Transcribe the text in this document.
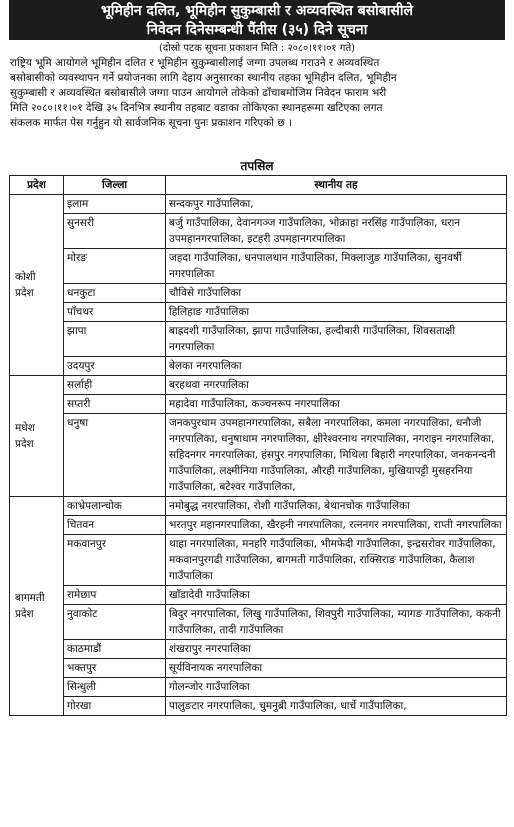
भूमिहीन दलित, भूमिहीन सुकुम्बासी र अव्यवस्थित बसोबासीले
निवेदन दिनेसम्बन्धी पैंतीस (३५) दिने सूचना
(दोस्रो पटक सूचना प्रकाशन मिति : २०८०।११।०१ गते)
राष्ट्रिय भूमि आयोगले भूमिहीन दलित र भूमिहीन सुकुम्बासीलाई जग्गा उपलब्ध गराउने र अव्यवस्थित
बसोबासीको व्यवस्थापन गर्ने प्रयोजनका लागि देहाय अनुसारका स्थानीय तहका भूमिहीन दलित, भूमिहीन
सुकुम्बासी र अव्यवस्थित बसोबासीले जग्गा पाउन आयोगले तोकेको ढाँचाबमोजिम निवेदन फाराम भरी
मिति २०८०।११।०१ देखि ३५ दिनभित्र स्थानीय तहबाट वडाका तोकिएका स्थानहरूमा खटिएका लगत
संकलक मार्फत पेस गर्नुहुन यो सार्वजनिक सूचना पुनः प्रकाशन गरिएको छ ।
तपसिल
प्रदेश	जिल्ला	स्थानीय तह
कोशी
प्रदेश	इलाम	सन्दकपुर गाउँपालिका,
	सुनसरी	बर्जु गाउँपालिका, देवानगञ्ज गाउँपालिका, भोक्राहा नरसिंह गाउँपालिका, धरान उपमहानगरपालिका, इटहरी उपमहानगरपालिका
	मोरङ	जहदा गाउँपालिका, धनपालथान गाउँपालिका, मिक्लाजुङ गाउँपालिका, सुनवर्षी नगरपालिका
	धनकुटा	चौविसे गाउँपालिका
	पाँचथर	हिलिहाङ गाउँपालिका
	झापा	बाह्रदशी गाउँपालिका, झापा गाउँपालिका, हल्दीबारी गाउँपालिका, शिवसताक्षी नगरपालिका
	उदयपुर	बेलका नगरपालिका
मधेश
प्रदेश	सर्लाही	बरहथवा नगरपालिका
	सप्तरी	महादेवा गाउँपालिका, कञ्चनरूप नगरपालिका
	धनुषा	जनकपुरधाम उपमहानगरपालिका, सबैला नगरपालिका, कमला नगरपालिका, धनौजी नगरपालिका, धनुषाधाम नगरपालिका, क्षीरेश्वरनाथ नगरपालिका, नगराइन नगरपालिका, सहिदनगर नगरपालिका, हंसपुर नगरपालिका, मिथिला बिहारी नगरपालिका, जनकनन्दनी गाउँपालिका, लक्ष्मीनिया गाउँपालिका, औरही गाउँपालिका, मुखियापट्टी मुसहरनिया गाउँपालिका, बटेश्वर गाउँपालिका,
बागमती
प्रदेश	काभ्रेपलान्चोक	नमोबुद्ध नगरपालिका, रोशी गाउँपालिका, बेथानचोक गाउँपालिका
	चितवन	भरतपुर महानगरपालिका, खैरहनी नगरपालिका, रत्ननगर नगरपालिका, राप्ती नगरपालिका
	मकवानपुर	थाहा नगरपालिका, मनहरि गाउँपालिका, भीमफेदी गाउँपालिका, इन्द्रसरोवर गाउँपालिका, मकवानपुरगढी गाउँपालिका, बागमती गाउँपालिका, राक्सिराङ गाउँपालिका, कैलाश गाउँपालिका
	रामेछाप	खाँडादेवी गाउँपालिका
	नुवाकोट	बिदुर नगरपालिका, लिखु गाउँपालिका, शिवपुरी गाउँपालिका, म्यागङ गाउँपालिका, ककनी गाउँपालिका, तादी गाउँपालिका
	काठमाडौं	शंखरापुर नगरपालिका
	भक्तपुर	सूर्यविनायक नगरपालिका
	सिन्धुली	गोलन्जोर गाउँपालिका
	गोरखा	पालुङटार नगरपालिका, चुमनुब्री गाउँपालिका, धार्चे गाउँपालिका,
